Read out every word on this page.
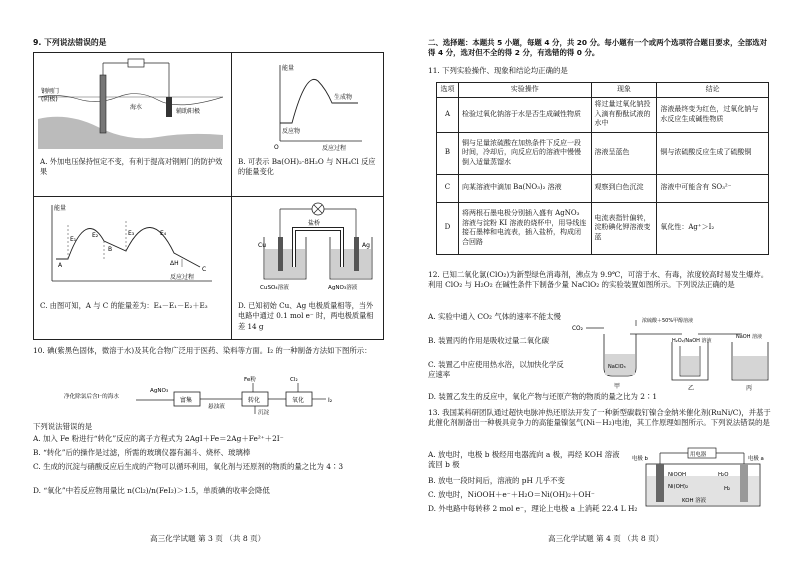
9. 下列说法错误的是
钢闸门
(阴极)
海水
辅助阳极
能量
反应物
生成物
反应过程
O
A. 外加电压保持恒定不变，有利于提高对钢闸门的防护效果
B. 可表示 Ba(OH)₂·8H₂O 与 NH₄Cl 反应的能量变化
E₁
E₂	E₃	E₄
A
B
C
ΔH
反应过程
能量
盐桥
Cu	Ag
CuSO₄溶液	AgNO₃溶液
C. 由图可知，A 与 C 的能量差为：E₄－E₁－E₂＋E₃	D. 已知初始 Cu、Ag 电极质量相等，当外电路中通过 0.1 mol e⁻ 时，两电极质量相差 14 g
10. 碘(紫黑色固体，微溶于水)及其化合物广泛用于医药、染料等方面。I₂ 的一种制备方法如下图所示：
净化除氯后含I⁻的海水
AgNO₃
富集
悬浊液
Fe粉
转化
沉淀
Cl₂
氧化	I₂
下列说法错误的是
A. 加入 Fe 粉进行“转化”反应的离子方程式为 2AgI＋Fe＝2Ag＋Fe²⁺＋2I⁻
B. “转化”后的操作是过滤，所需的玻璃仪器有漏斗、烧杯、玻璃棒
C. 生成的沉淀与硝酸反应后生成的产物可以循环利用，氧化剂与还原剂的物质的量之比为 4∶3
D. “氧化”中若反应物用量比 n(Cl₂)/n(FeI₂)＞1.5，单质碘的收率会降低
高三化学试题 第 3 页 （共 8 页）
二、选择题：本题共 5 小题，每题 4 分，共 20 分。每小题有一个或两个选项符合题目要求，全部选对得 4 分，选对但不全的得 2 分，有选错的得 0 分。
11. 下列实验操作、现象和结论均正确的是
选项	实验操作	现象	结论
A	检验过氧化钠溶于水是否生成碱性物质	将过量过氧化钠投入滴有酚酞试液的水中	溶液最终变为红色，过氧化钠与水反应生成碱性物质
B	铜与足量浓硫酸在加热条件下反应一段时间，冷却后，向反应后的溶液中慢慢倒入适量蒸馏水	溶液呈蓝色	铜与浓硫酸反应生成了硫酸铜
C	向某溶液中滴加 Ba(NO₃)₂ 溶液	观察到白色沉淀	溶液中可能含有 SO₃²⁻
D	将两根石墨电极分别插入盛有 AgNO₃ 溶液与淀粉 KI 溶液的烧杯中，用导线连接石墨棒和电流表，插入盐桥，构成闭合回路	电流表指针偏转，淀粉碘化钾溶液变蓝	氧化性：Ag⁺＞I₂
12. 已知二氧化氯(ClO₂)为新型绿色消毒剂，沸点为 9.9℃，可溶于水、有毒，浓度较高时易发生爆炸。利用 ClO₂ 与 H₂O₂ 在碱性条件下制备少量 NaClO₂ 的实验装置如图所示。下列说法正确的是
A. 实验中通入 CO₂ 气体的速率不能太慢
B. 装置丙的作用是吸收过量二氧化碳
C. 装置乙中应使用热水浴，以加快化学反应速率
D. 装置乙发生的反应中，氧化产物与还原产物的物质的量之比为 2∶1
CO₂
NaClO₃
浓硫酸＋50%甲醇溶液
H₂O₂/NaOH 溶液
NaOH 溶液
甲	乙	丙
13. 我国某科研团队通过超快电脉冲热还原法开发了一种新型碳载钉镍合金纳米催化剂(RuNi/C)，并基于此催化剂制备出一种极具竞争力的高能量镍氢气(Ni－H₂)电池，其工作原理如图所示。下列说法错误的是
A. 放电时，电极 b 极经用电器流向 a 极，再经 KOH 溶液流回 b 极
B. 放电一段时间后，溶液的 pH 几乎不变
C. 放电时，NiOOH＋e⁻＋H₂O＝Ni(OH)₂＋OH⁻
D. 外电路中每转移 2 mol e⁻，理论上电极 a 上消耗 22.4 L H₂
用电器
电极 b	电极 a
NiOOH
Ni(OH)₂
H₂O
H₂
KOH 溶液
高三化学试题 第 4 页 （共 8 页）
